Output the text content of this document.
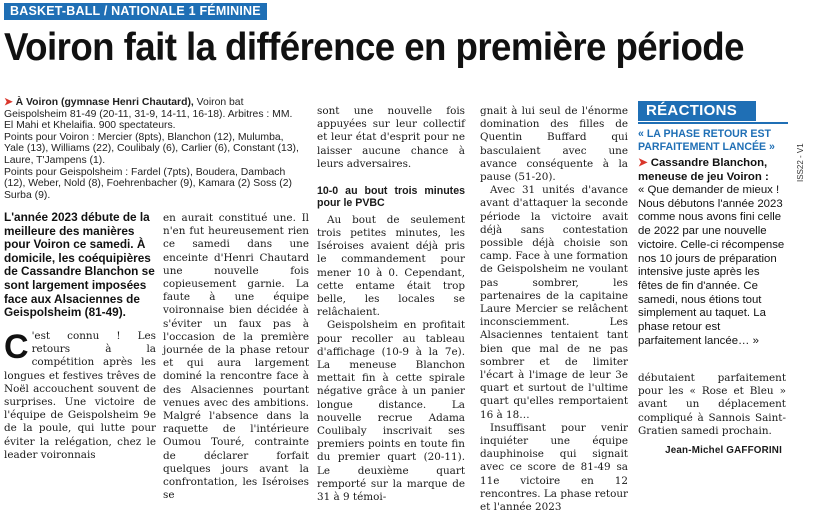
BASKET-BALL / NATIONALE 1 FÉMININE
Voiron fait la différence en première période
➤ À Voiron (gymnase Henri Chautard), Voiron bat Geispolsheim 81-49 (20-11, 31-9, 14-11, 16-18). Arbitres : MM. El Mahi et Khelaifia. 900 spectateurs.
Points pour Voiron : Mercier (8pts), Blanchon (12), Mulumba, Yale (13), Williams (22), Coulibaly (6), Carlier (6), Constant (13), Laure, T'Jampens (1).
Points pour Geispolsheim : Fardel (7pts), Boudera, Dambach (12), Weber, Nold (8), Foehrenbacher (9), Kamara (2) Soss (2) Surba (9).
L'année 2023 débute de la meilleure des manières pour Voiron ce samedi. À domicile, les coéquipières de Cassandre Blanchon se sont largement imposées face aux Alsaciennes de Geispolsheim (81-49).
C 'est connu ! Les retours à la compétition après les longues et festives trêves de Noël accouchent souvent de surprises. Une victoire de l'équipe de Geispolsheim 9e de la poule, qui lutte pour éviter la relégation, chez le leader voironnais
en aurait constitué une. Il n'en fut heureusement rien ce samedi dans une enceinte d'Henri Chautard une nouvelle fois copieusement garnie. La faute à une équipe voironnaise bien décidée à s'éviter un faux pas à l'occasion de la première journée de la phase retour et qui aura largement dominé la rencontre face à des Alsaciennes pourtant venues avec des ambitions. Malgré l'absence dans la raquette de l'intérieure Oumou Touré, contrainte de déclarer forfait quelques jours avant la confrontation, les Iséroises se
sont une nouvelle fois appuyées sur leur collectif et leur état d'esprit pour ne laisser aucune chance à leurs adversaires.
10-0 au bout trois minutes pour le PVBC
Au bout de seulement trois petites minutes, les Iséroises avaient déjà pris le commandement pour mener 10 à 0. Cependant, cette entame était trop belle, les locales se relâchaient.
Geispolsheim en profitait pour recoller au tableau d'affichage (10-9 à la 7e). La meneuse Blanchon mettait fin à cette spirale négative grâce à un panier longue distance. La nouvelle recrue Adama Coulibaly inscrivait ses premiers points en toute fin du premier quart (20-11). Le deuxième quart remporté sur la marque de 31 à 9 témoi-
gnait à lui seul de l'énorme domination des filles de Quentin Buffard qui basculaient avec une avance conséquente à la pause (51-20).
Avec 31 unités d'avance avant d'attaquer la seconde période la victoire avait déjà sans contestation possible déjà choisie son camp. Face à une formation de Geispolsheim ne voulant pas sombrer, les partenaires de la capitaine Laure Mercier se relâchent inconsciemment. Les Alsaciennes tentaient tant bien que mal de ne pas sombrer et de limiter l'écart à l'image de leur 3e quart et surtout de l'ultime quart qu'elles remportaient 16 à 18…
Insuffisant pour venir inquiéter une équipe dauphinoise qui signait avec ce score de 81-49 sa 11e victoire en 12 rencontres. La phase retour et l'année 2023
RÉACTIONS
« LA PHASE RETOUR EST PARFAITEMENT LANCÉE »
➤ Cassandre Blanchon, meneuse de jeu Voiron :
« Que demander de mieux ! Nous débutons l'année 2023 comme nous avons fini celle de 2022 par une nouvelle victoire. Celle-ci récompense nos 10 jours de préparation intensive juste après les fêtes de fin d'année. Ce samedi, nous étions tout simplement au taquet. La phase retour est parfaitement lancée… »
débutaient parfaitement pour les « Rose et Bleu » avant un déplacement compliqué à Sannois Saint-Gratien samedi prochain.
Jean-Michel GAFFORINI
ISS22 - V1
